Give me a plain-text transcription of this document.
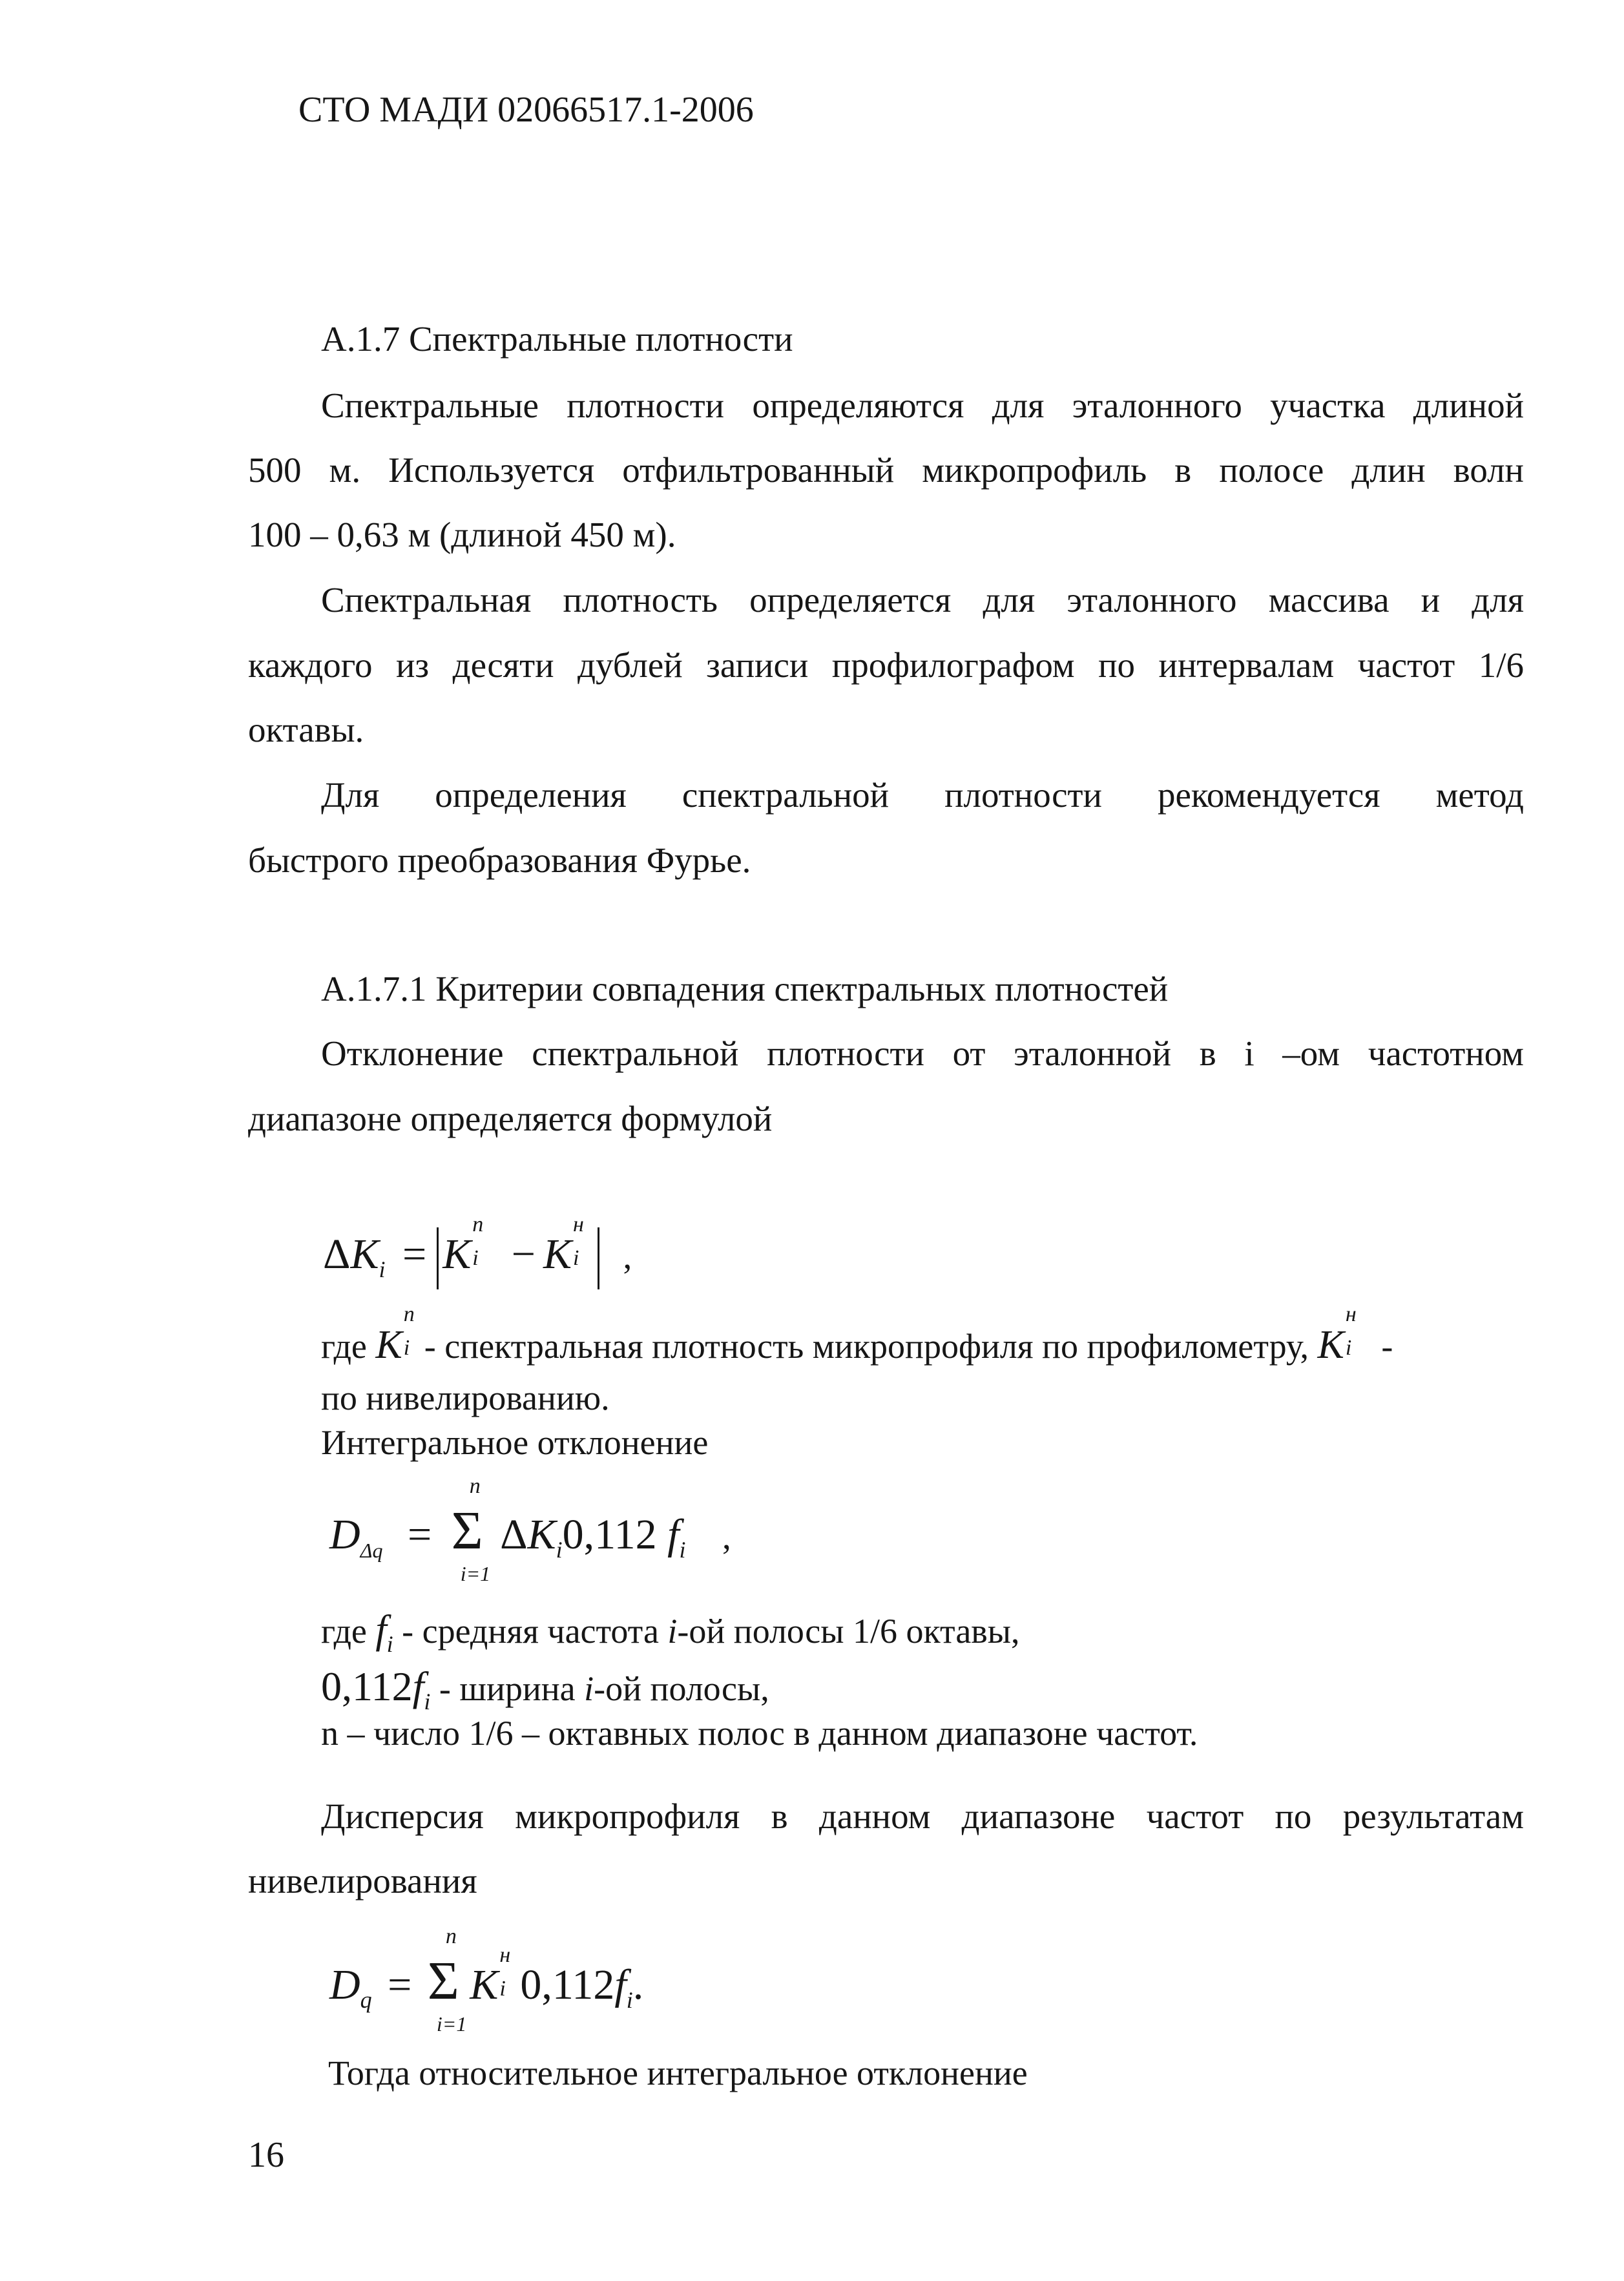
СТО МАДИ 02066517.1-2006
А.1.7 Спектральные плотности
Спектральные плотности определяются для эталонного участка длиной
500 м. Используется отфильтрованный микропрофиль в полосе длин волн
100 – 0,63 м (длиной 450 м).
Спектральная плотность определяется для эталонного массива и для
каждого из десяти дублей записи профилографом по интервалам частот 1/6
октавы.
Для определения спектральной плотности рекомендуется метод
быстрого преобразования Фурье.
А.1.7.1 Критерии совпадения спектральных плотностей
Отклонение спектральной плотности от эталонной в i –ом частотном
диапазоне определяется формулой
$\Delta K_i = K$
n
i − K
н
i ,
где K
n
i - спектральная плотность микропрофиля по профилометру, K
н
i -
по нивелированию.
Интегральное отклонение
$D_{\Delta q} = \Sigma$
n
i=1
$\Delta K_i0,112$ $f_i$ ,
где $f_i$ - средняя частота i-ой полосы 1/6 октавы,
$0,112f_i$ - ширина i-ой полосы,
n – число 1/6 – октавных полос в данном диапазоне частот.
Дисперсия микропрофиля в данном диапазоне частот по результатам
нивелирования
$D_q = \Sigma$
n
i=1
K
н
i $0,112f_i$.
Тогда относительное интегральное отклонение
16
